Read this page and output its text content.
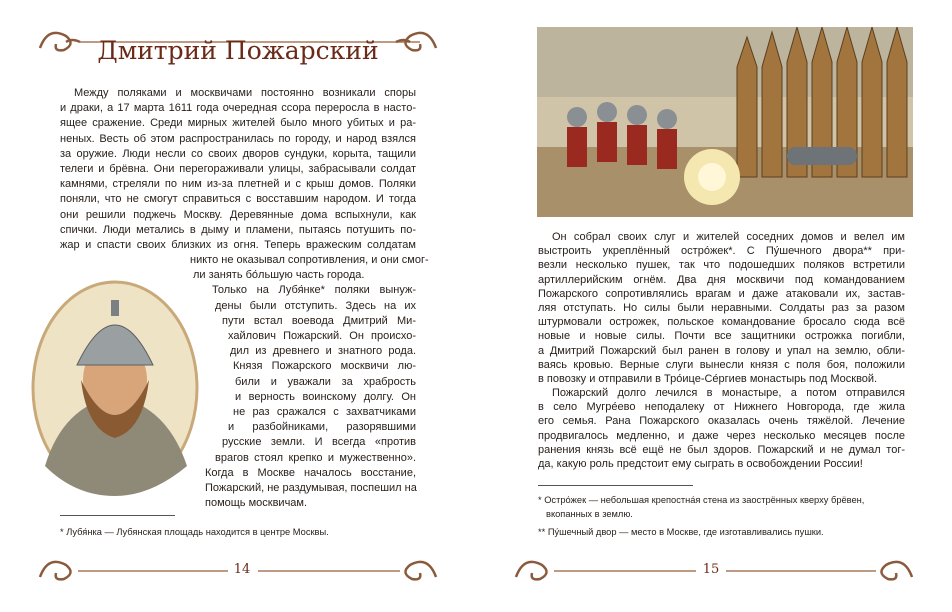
Дмитрий Пожарский
Между поляками и москвичами постоянно возникали споры
и драки, а 17 марта 1611 года очередная ссора переросла в насто-
ящее сражение. Среди мирных жителей было много убитых и ра-
неных. Весть об этом распространилась по городу, и народ взялся
за оружие. Люди несли со своих дворов сундуки, корыта, тащили
телеги и брёвна. Они перегораживали улицы, забрасывали солдат
камнями, стреляли по ним из-за плетней и с крыш домов. Поляки
поняли, что не смогут справиться с восставшим народом. И тогда
они решили поджечь Москву. Деревянные дома вспыхнули, как
спички. Люди метались в дыму и пламени, пытаясь потушить по-
жар и спасти своих близких из огня. Теперь вражеским солдатам
никто не оказывал сопротивления, и они смог-
ли занять бо́льшую часть города.
Только на Лубя́нке* поляки вынуж-
дены были отступить. Здесь на их
пути встал воевода Дмитрий Ми-
хайлович Пожарский. Он происхо-
дил из древнего и знатного рода.
Князя Пожарского москвичи лю-
били и уважали за храбрость
и верность воинскому долгу. Он
не раз сражался с захватчиками
и разбойниками, разорявшими
русские земли. И всегда «против
врагов стоял крепко и мужественно».
Когда в Москве началось восстание,
Пожарский, не раздумывая, поспешил на
помощь москвичам.
* Лубя́нка — Лубянская площадь находится в центре Москвы.
14
Он собрал своих слуг и жителей соседних домов и велел им
выстроить укреплённый остро́жек*. С Пу́шечного двора** при-
везли несколько пушек, так что подошедших поляков встретили
артиллерийским огнём. Два дня москвичи под командованием
Пожарского сопротивлялись врагам и даже атаковали их, застав-
ляя отступать. Но силы были неравными. Солдаты раз за разом
штурмовали острожек, польское командование бросало сюда всё
новые и новые силы. Почти все защитники острожка погибли,
а Дмитрий Пожарский был ранен в голову и упал на землю, обли-
ваясь кровью. Верные слуги вынесли князя с поля боя, положили
в повозку и отправили в Тро́ице-Се́ргиев монастырь под Москвой.
Пожарский долго лечился в монастыре, а потом отправился
в село Мугре́ево неподалеку от Нижнего Новгорода, где жила
его семья. Рана Пожарского оказалась очень тяжёлой. Лечение
продвигалось медленно, и даже через несколько месяцев после
ранения князь всё ещё не был здоров. Пожарский и не думал тог-
да, какую роль предстоит ему сыграть в освобождении России!
* Остро́жек — небольшая крепостна́я стена из заострённых кверху брёвен, вкопанных в землю.
** Пу́шечный двор — место в Москве, где изготавливались пушки.
15
